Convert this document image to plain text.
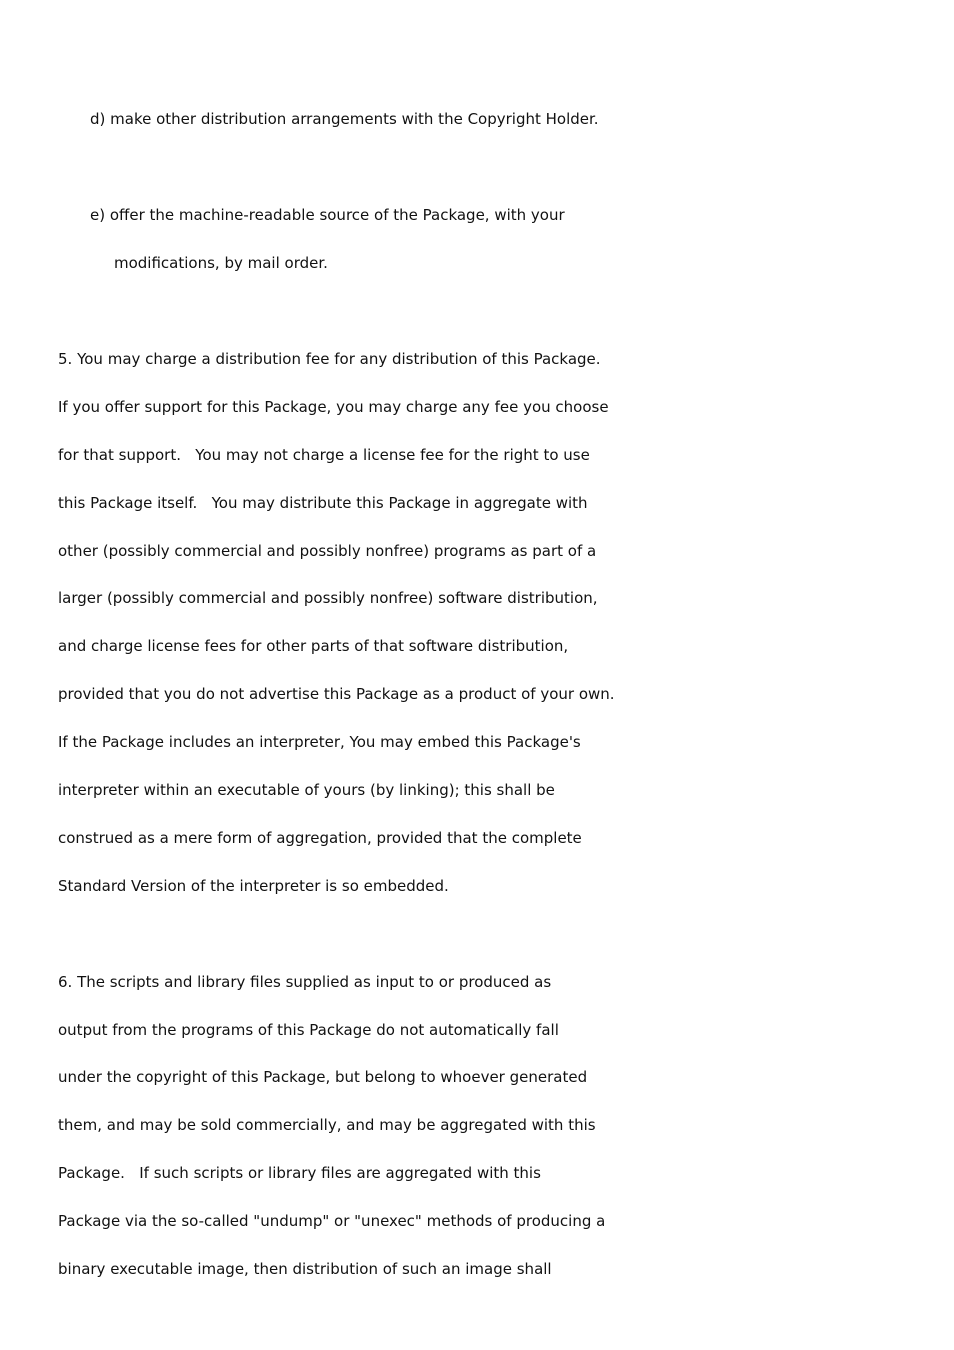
d) make other distribution arrangements with the Copyright Holder.
e) offer the machine-readable source of the Package, with your
modifications, by mail order.
5. You may charge a distribution fee for any distribution of this Package.
If you offer support for this Package, you may charge any fee you choose
for that support.   You may not charge a license fee for the right to use
this Package itself.   You may distribute this Package in aggregate with
other (possibly commercial and possibly nonfree) programs as part of a
larger (possibly commercial and possibly nonfree) software distribution,
and charge license fees for other parts of that software distribution,
provided that you do not advertise this Package as a product of your own.
If the Package includes an interpreter, You may embed this Package's
interpreter within an executable of yours (by linking); this shall be
construed as a mere form of aggregation, provided that the complete
Standard Version of the interpreter is so embedded.
6. The scripts and library files supplied as input to or produced as
output from the programs of this Package do not automatically fall
under the copyright of this Package, but belong to whoever generated
them, and may be sold commercially, and may be aggregated with this
Package.   If such scripts or library files are aggregated with this
Package via the so-called "undump" or "unexec" methods of producing a
binary executable image, then distribution of such an image shall
